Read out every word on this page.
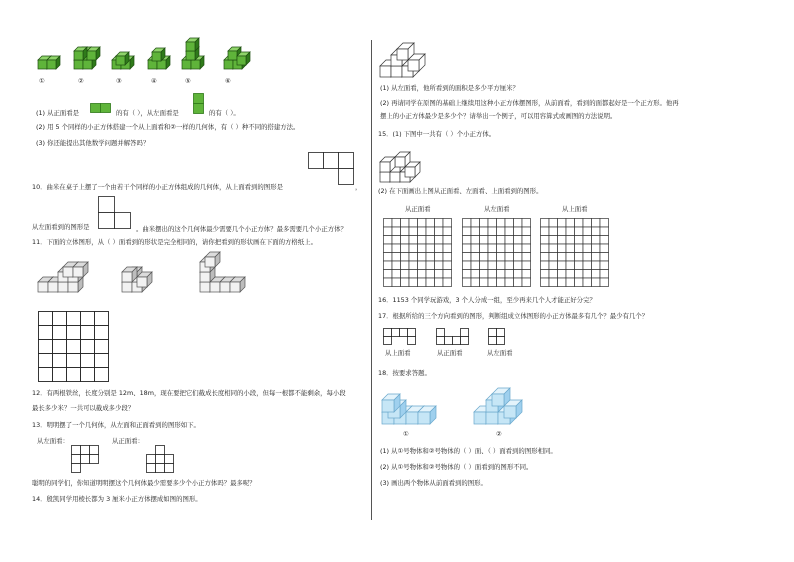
①	②	③	④	⑤	⑥
(1) 从正面看是	的有（ ），从左面看是	的有（ ）。
(2) 用 5 个同样的小正方体搭建一个从上面看和②一样的几何体，有（ ）种不同的搭建方法。
(3) 你还能提出其他数学问题并解答吗？
10．曲米在桌子上摆了一个由若干个同样的小正方体组成的几何体，从上面看到的图形是	，
从左面看到的图形是	。曲米摆出的这个几何体最少需要几个小正方体？最多需要几个小正方体？
11．下面的立体图形，从（ ）面看到的形状是完全相同的，请你把看到的形状画在下面的方格纸上。
12．有两根铁丝，长度分别是 12m、18m，现在要把它们截成长度相同的小段，但每一根都不能剩余，每小段
最长多少米？一共可以截成多少段？
13．明明摆了一个几何体，从左面和正面看到的图形如下。
从左面看：	从正面看：
聪明的同学们，你知道明明摆这个几何体最少需要多少个小正方体吗？最多呢？
14．殷凯同学用棱长都为 3 厘米小正方体摆成如图的图形。
(1) 从左面看，他所看到的面积是多少平方厘米？
(2) 再请同学在原图的基础上继续用这种小正方体摆图形，从前面看，看到的面都起好是一个正方形。他再
摆上的小正方体最少是多少个？请举出一个例子，可以用容算式或画图的方法说明。
15．(1) 下图中一共有（ ）个小正方体。
(2) 在下面画出上图从正面看、左面看、上面看到的图形。
从正面看	从左面看	从上面看
16．1153 个同学玩游戏，3 个人分成一组，至少再来几个人才能正好分完？
17．根据所给的三个方向看到的图形，判断组成立体图形的小正方体最多有几个？最少有几个？
从上面看	从正面看	从左面看
18．按要求答题。
①	②
(1) 从①号物体和②号物体的（ ）面、（ ）面看到的图形相同。
(2) 从①号物体和②号物体的（ ）面看到的图形不同。
(3) 画出两个物体从前面看到的图形。
